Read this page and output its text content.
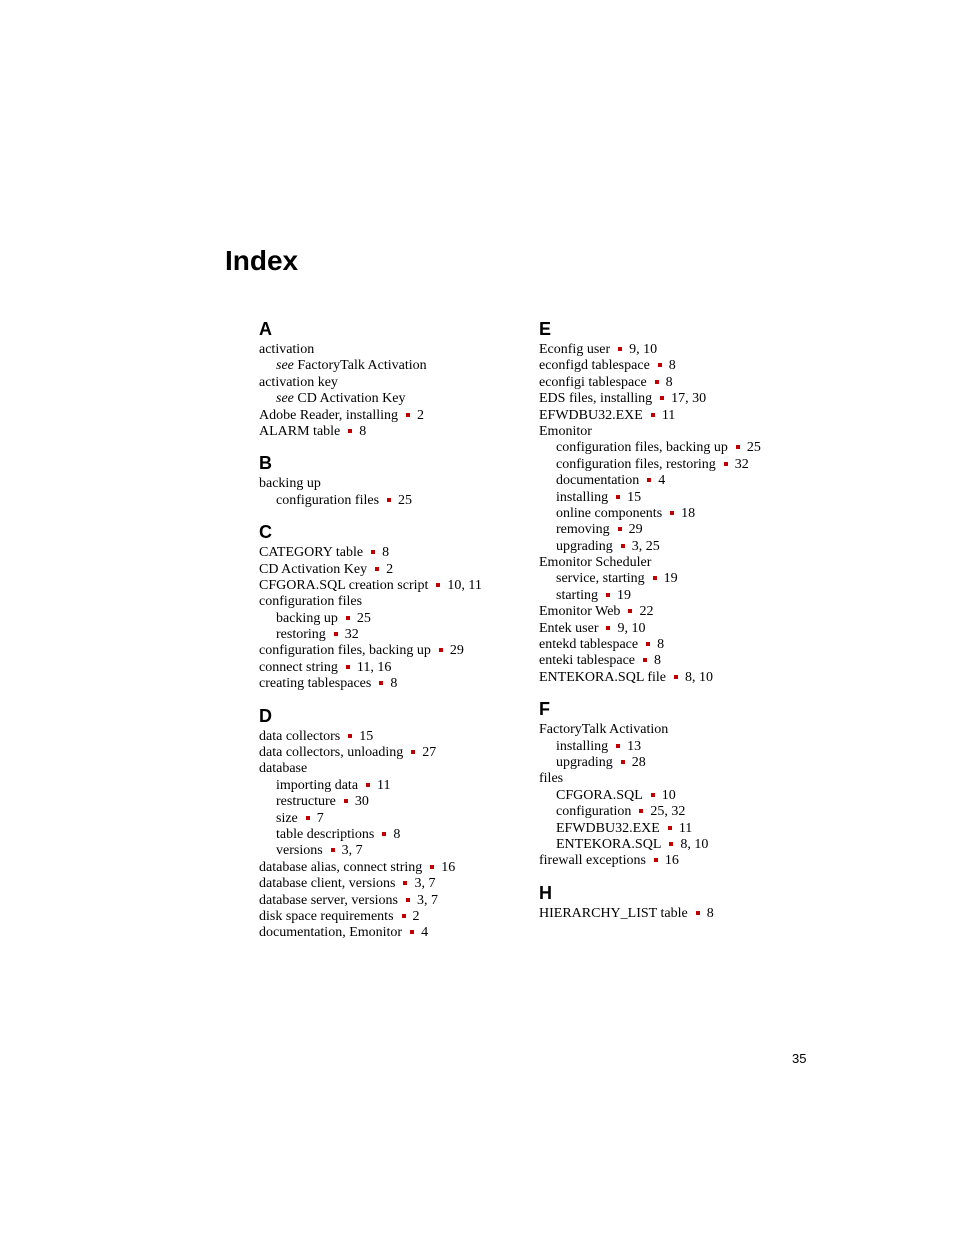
Index
A
activation
see FactoryTalk Activation
activation key
see CD Activation Key
Adobe Reader, installing 2
ALARM table 8
B
backing up
configuration files 25
C
CATEGORY table 8
CD Activation Key 2
CFGORA.SQL creation script 10, 11
configuration files
backing up 25
restoring 32
configuration files, backing up 29
connect string 11, 16
creating tablespaces 8
D
data collectors 15
data collectors, unloading 27
database
importing data 11
restructure 30
size 7
table descriptions 8
versions 3, 7
database alias, connect string 16
database client, versions 3, 7
database server, versions 3, 7
disk space requirements 2
documentation, Emonitor 4
E
Econfig user 9, 10
econfigd tablespace 8
econfigi tablespace 8
EDS files, installing 17, 30
EFWDBU32.EXE 11
Emonitor
configuration files, backing up 25
configuration files, restoring 32
documentation 4
installing 15
online components 18
removing 29
upgrading 3, 25
Emonitor Scheduler
service, starting 19
starting 19
Emonitor Web 22
Entek user 9, 10
entekd tablespace 8
enteki tablespace 8
ENTEKORA.SQL file 8, 10
F
FactoryTalk Activation
installing 13
upgrading 28
files
CFGORA.SQL 10
configuration 25, 32
EFWDBU32.EXE 11
ENTEKORA.SQL 8, 10
firewall exceptions 16
H
HIERARCHY_LIST table 8
35
